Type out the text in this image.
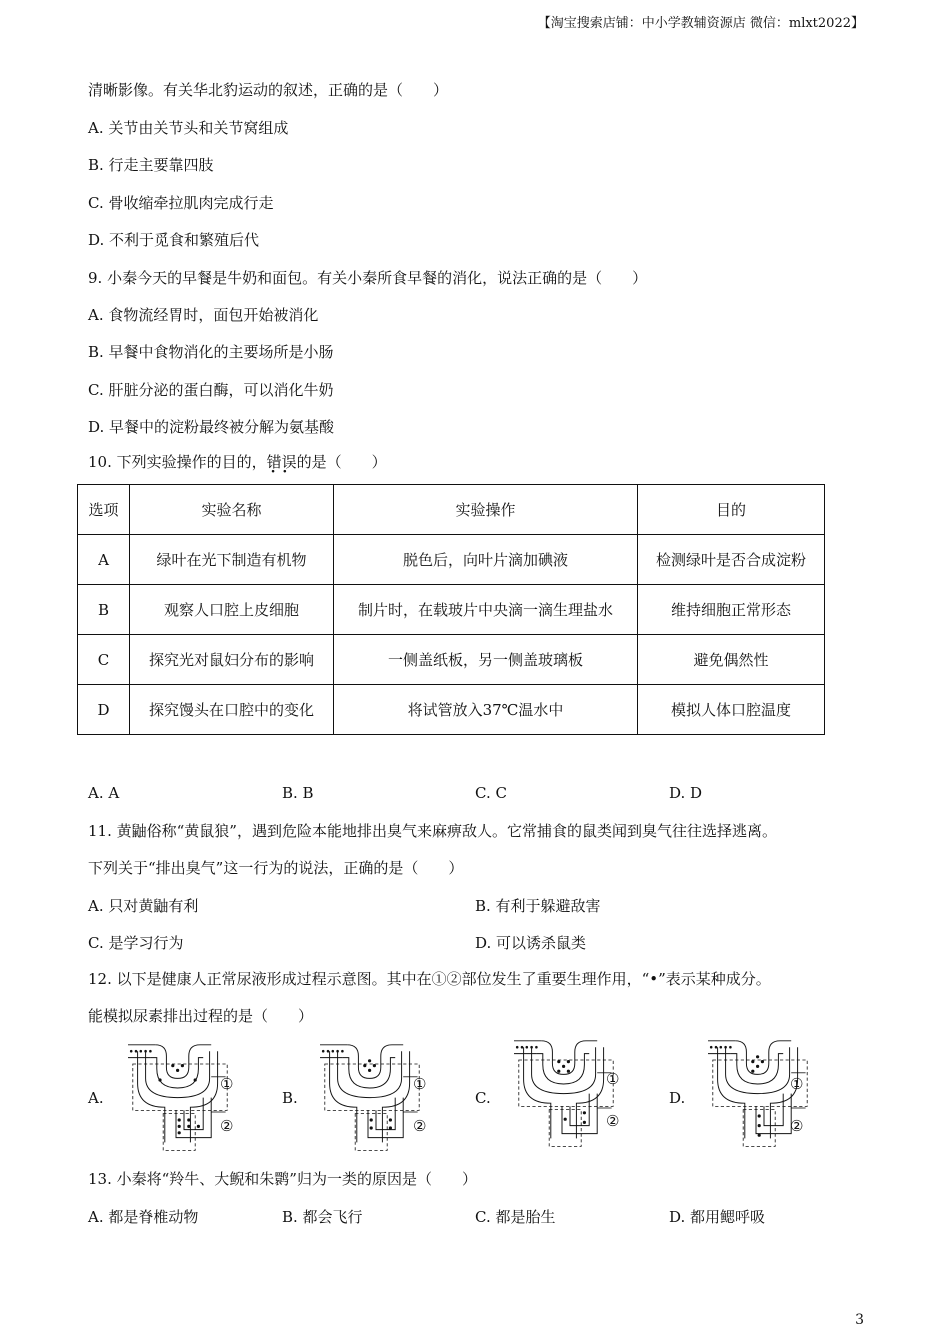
【淘宝搜索店铺：中小学教辅资源店 微信：mlxt2022】
清晰影像。有关华北豹运动的叙述，正确的是（　　）
A. 关节由关节头和关节窝组成
B. 行走主要靠四肢
C. 骨收缩牵拉肌肉完成行走
D. 不利于觅食和繁殖后代
9. 小秦今天的早餐是牛奶和面包。有关小秦所食早餐的消化，说法正确的是（　　）
A. 食物流经胃时，面包开始被消化
B. 早餐中食物消化的主要场所是小肠
C. 肝脏分泌的蛋白酶，可以消化牛奶
D. 早餐中的淀粉最终被分解为氨基酸
10. 下列实验操作的目的，错误 · ·的是（　　）
选项	实验名称	实验操作	目的
A	绿叶在光下制造有机物	脱色后，向叶片滴加碘液	检测绿叶是否合成淀粉
B	观察人口腔上皮细胞	制片时，在载玻片中央滴一滴生理盐水	维持细胞正常形态
C	探究光对鼠妇分布的影响	一侧盖纸板，另一侧盖玻璃板	避免偶然性
D	探究馒头在口腔中的变化	将试管放入37℃温水中	模拟人体口腔温度
A. A	B. B	C. C	D. D
11. 黄鼬俗称“黄鼠狼”，遇到危险本能地排出臭气来麻痹敌人。它常捕食的鼠类闻到臭气往往选择逃离。
下列关于“排出臭气”这一行为的说法，正确的是（　　）
A. 只对黄鼬有利	B. 有利于躲避敌害
C. 是学习行为	D. 可以诱杀鼠类
12. 以下是健康人正常尿液形成过程示意图。其中在①②部位发生了重要生理作用，“•”表示某种成分。
能模拟尿素排出过程的是（　　）
A.
①
②
B.
①
②
C.
①
②
D.
①
②
13. 小秦将“羚牛、大鲵和朱鹮”归为一类的原因是（　　）
A. 都是脊椎动物	B. 都会飞行	C. 都是胎生	D. 都用鳃呼吸
3
